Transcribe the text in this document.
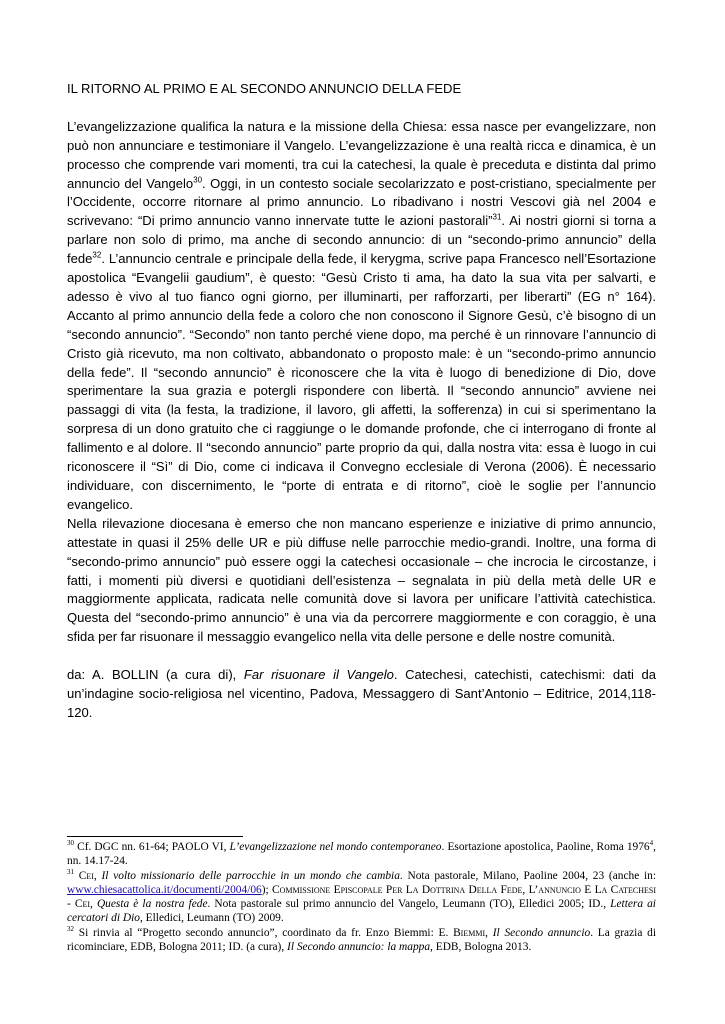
IL RITORNO AL PRIMO E AL SECONDO ANNUNCIO DELLA FEDE

L’evangelizzazione qualifica la natura e la missione della Chiesa: essa nasce per evangelizzare, non può non annunciare e testimoniare il Vangelo. L’evangelizzazione è una realtà ricca e dinamica, è un processo che comprende vari momenti, tra cui la catechesi, la quale è preceduta e distinta dal primo annuncio del Vangelo$^{30}$. Oggi, in un contesto sociale secolarizzato e post-cristiano, specialmente per l’Occidente, occorre ritornare al primo annuncio. Lo ribadivano i nostri Vescovi già nel 2004 e scrivevano: “Di primo annuncio vanno innervate tutte le azioni pastorali”$^{31}$. Ai nostri giorni si torna a parlare non solo di primo, ma anche di secondo annuncio: di un “secondo-primo annuncio” della fede$^{32}$. L’annuncio centrale e principale della fede, il kerygma, scrive papa Francesco nell’Esortazione apostolica “Evangelii gaudium”, è questo: “Gesù Cristo ti ama, ha dato la sua vita per salvarti, e adesso è vivo al tuo fianco ogni giorno, per illuminarti, per rafforzarti, per liberarti” (EG n° 164). Accanto al primo annuncio della fede a coloro che non conoscono il Signore Gesù, c’è bisogno di un “secondo annuncio”. “Secondo” non tanto perché viene dopo, ma perché è un rinnovare l’annuncio di Cristo già ricevuto, ma non coltivato, abbandonato o proposto male: è un “secondo-primo annuncio della fede”. Il “secondo annuncio” è riconoscere che la vita è luogo di benedizione di Dio, dove sperimentare la sua grazia e potergli rispondere con libertà. Il “secondo annuncio” avviene nei passaggi di vita (la festa, la tradizione, il lavoro, gli affetti, la sofferenza) in cui si sperimentano la sorpresa di un dono gratuito che ci raggiunge o le domande profonde, che ci interrogano di fronte al fallimento e al dolore. Il “secondo annuncio” parte proprio da qui, dalla nostra vita: essa è luogo in cui riconoscere il “Sì” di Dio, come ci indicava il Convegno ecclesiale di Verona (2006). È necessario individuare, con discernimento, le “porte di entrata e di ritorno”, cioè le soglie per l’annuncio evangelico.

Nella rilevazione diocesana è emerso che non mancano esperienze e iniziative di primo annuncio, attestate in quasi il 25% delle UR e più diffuse nelle parrocchie medio-grandi. Inoltre, una forma di “secondo-primo annuncio” può essere oggi la catechesi occasionale – che incrocia le circostanze, i fatti, i momenti più diversi e quotidiani dell’esistenza – segnalata in più della metà delle UR e maggiormente applicata, radicata nelle comunità dove si lavora per unificare l’attività catechistica. Questa del “secondo-primo annuncio” è una via da percorrere maggiormente e con coraggio, è una sfida per far risuonare il messaggio evangelico nella vita delle persone e delle nostre comunità.

da: A. BOLLIN (a cura di), Far risuonare il Vangelo. Catechesi, catechisti, catechismi: dati da un’indagine socio-religiosa nel vicentino, Padova, Messaggero di Sant’Antonio – Editrice, 2014,118-120.

$^{30}$ Cf. DGC nn. 61-64; PAOLO VI, L’evangelizzazione nel mondo contemporaneo. Esortazione apostolica, Paoline, Roma 1976$^4$, nn. 14.17-24.

$^{31}$ Cei, Il volto missionario delle parrocchie in un mondo che cambia. Nota pastorale, Milano, Paoline 2004, 23 (anche in: www.chiesacattolica.it/documenti/2004/06); Commissione Episcopale Per La Dottrina Della Fede, L’annuncio E La Catechesi - Cei, Questa è la nostra fede. Nota pastorale sul primo annuncio del Vangelo, Leumann (TO), Elledici 2005; ID., Lettera ai cercatori di Dio, Elledici, Leumann (TO) 2009.

$^{32}$ Si rinvia al “Progetto secondo annuncio”, coordinato da fr. Enzo Biemmi: E. Biemmi, Il Secondo annuncio. La grazia di ricominciare, EDB, Bologna 2011; ID. (a cura), Il Secondo annuncio: la mappa, EDB, Bologna 2013.
